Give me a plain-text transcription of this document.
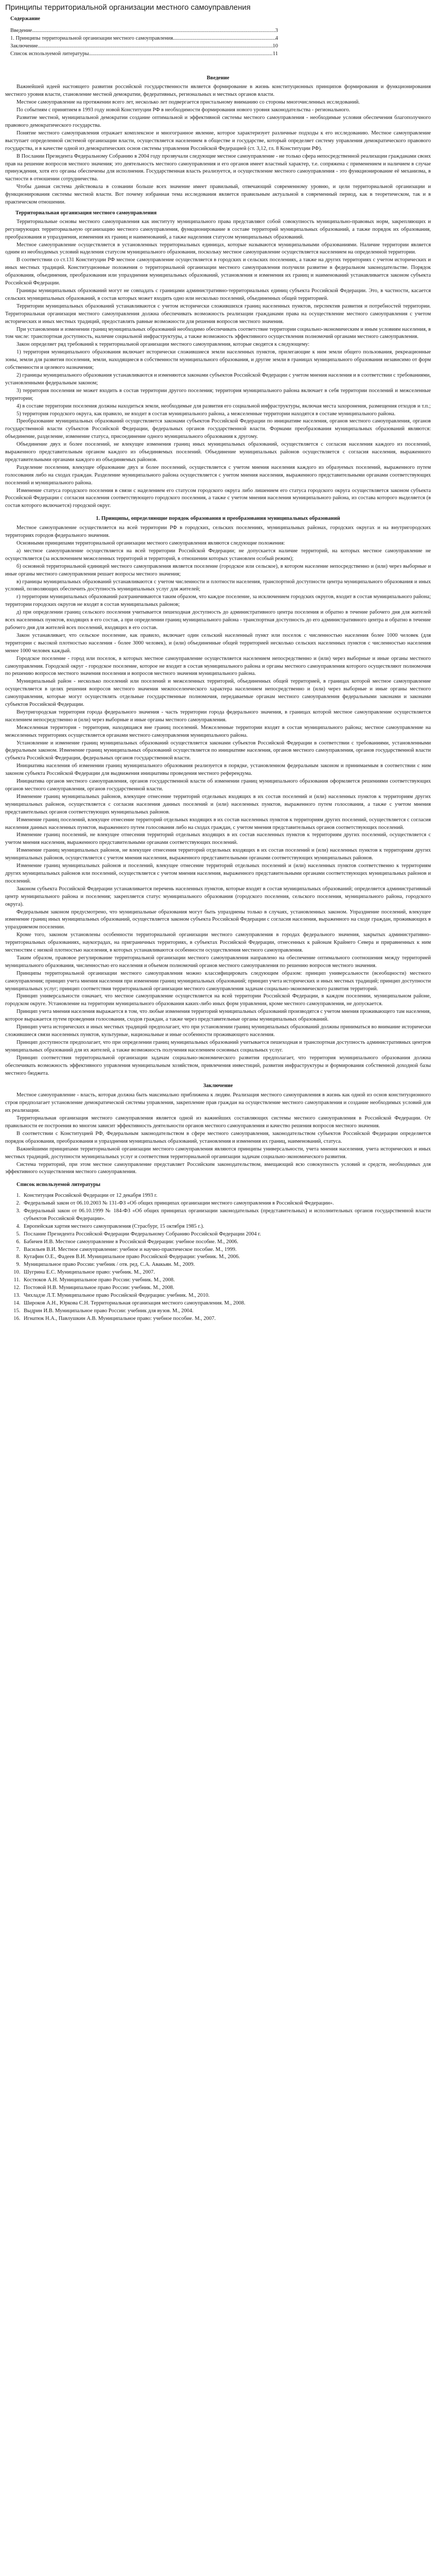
Принципы территориальной организации местного самоуправления
Содержание
Введение .....	3
1. Принципы территориальной организации местного самоуправления .....	4
Заключение .....	10
Список используемой литературы .....	11
Введение

Важнейшей идеей настоящего развития российской государственности является формирование в жизнь конституционных принципов формирования и функционирования местного уровня власти, становление местной демократии, федеративных, региональных и местных органов власти.

Местное самоуправление на протяжении всего лет, несколько лет подвергается пристальному вниманию со стороны многочисленных исследований.

По событиям с принятием в 1993 году новой Конституции РФ в необходимости формирования нового уровня законодательства - регионального.

Развитие местной, муниципальной демократии создание оптимальной и эффективной системы местного самоуправления - необходимые условия обеспечения благополучного правового демократического государства.

Понятие местного самоуправления отражает комплексное и многогранное явление, которое характеризует различные подходы к его исследованию. Местное самоуправление выступает определенной системой организации власти, осуществляется населением в обществе и государстве, который определяет систему управления демократического правового государства, и в качестве одной из демократических основ системы управления Российской Федерацией (ст. 3,12, гл. 8 Конституции РФ).

В Послании Президента Федеральному Собранию в 2004 году прозвучали следующие местное самоуправление - не только сфера непосредственной реализации гражданами своих прав на решение вопросов местного значения; это деятельность местного самоуправления и его органов имеет властный характер, т.е. сопряжена с применением и наличием в случае принуждения, хотя его органы обеспечены для исполнения. Государственная власть реализуется, и осуществление местного самоуправления - это функционирование её механизма, в частности в отношении сотрудничества.

Чтобы данная система действовала в сознании больше всех значение имеет правильный, отвечающий современному уровню, и цели территориальной организации и функционирования системы местной власти. Вот почему избранная тема исследования является правильным актуальной в современный период, как в теоретическом, так и в практическом отношении.

Территориальная организация местного самоуправления

Территориальные основы местного самоуправления как институту муниципального права представляют собой совокупность муниципально-правовых норм, закрепляющих и регулирующих территориальную организацию местного самоуправления, функционирование в составе территорий муниципальных образований, а также порядок их образования, преобразования и упразднения, изменения их границ и наименований, а также наделения статусом муниципальных образований.

Местное самоуправление осуществляется в установленных территориальных единицах, которые называются муниципальными образованиями. Наличие территории является одним из необходимых условий наделения статусом муниципального образования, поскольку местное самоуправление осуществляется населением на определенной территории.

В соответствии со ст.131 Конституции РФ местное самоуправление осуществляется в городских и сельских поселениях, а также на других территориях с учетом исторических и иных местных традиций. Конституционные положения о территориальной организации местного самоуправления получили развитие в федеральном законодательстве. Порядок образования, объединения, преобразования или упразднения муниципальных образований, установления и изменения их границ и наименований устанавливается законом субъекта Российской Федерации.

Границы муниципальных образований могут не совпадать с границами административно-территориальных единиц субъекта Российской Федерации. Это, в частности, касается сельских муниципальных образований, в состав которых может входить одно или несколько поселений, объединенных общей территорией.

Территории муниципальных образований устанавливаются с учетом исторически сложившихся границ населенных пунктов, перспектив развития и потребностей территории. Территориальная организация местного самоуправления должна обеспечивать возможность реализации гражданами права на осуществление местного самоуправления с учетом исторических и иных местных традиций, предоставлять равные возможности для решения вопросов местного значения.

При установлении и изменении границ муниципальных образований необходимо обеспечивать соответствие территории социально-экономическим и иным условиям населения, в том числе: транспортная доступность, наличие социальной инфраструктуры, а также возможность эффективного осуществления полномочий органами местного самоуправления.

Закон определяет ряд требований к территориальной организации местного самоуправления, которые сводятся к следующему:

1) территория муниципального образования включает исторически сложившиеся земли населенных пунктов, прилегающие к ним земли общего пользования, рекреационные зоны, земли для развития поселения, земли, находящиеся в собственности муниципального образования, и другие земли в границах муниципального образования независимо от форм собственности и целевого назначения;

2) границы муниципального образования устанавливаются и изменяются законами субъектов Российской Федерации с учетом мнения населения и в соответствии с требованиями, установленными федеральным законом;

3) территория поселения не может входить в состав территории другого поселения; территория муниципального района включает в себя территории поселений и межселенные территории;

4) в составе территории поселения должны находиться земли, необходимые для развития его социальной инфраструктуры, включая места захоронения, размещения отходов и т.п.;

5) территория городского округа, как правило, не входит в состав муниципального района, а межселенные территории находятся в составе муниципального района.

Преобразование муниципальных образований осуществляется законами субъектов Российской Федерации по инициативе населения, органов местного самоуправления, органов государственной власти субъектов Российской Федерации, федеральных органов государственной власти. Формами преобразования муниципальных образований являются: объединение, разделение, изменение статуса, присоединение одного муниципального образования к другому.

Объединение двух и более поселений, не влекущее изменения границ иных муниципальных образований, осуществляется с согласия населения каждого из поселений, выраженного представительным органом каждого из объединяемых поселений. Объединение муниципальных районов осуществляется с согласия населения, выраженного представительными органами каждого из объединяемых районов.

Разделение поселения, влекущее образование двух и более поселений, осуществляется с учетом мнения населения каждого из образуемых поселений, выраженного путем голосования либо на сходах граждан. Разделение муниципального района осуществляется с учетом мнения населения, выраженного представительными органами соответствующих поселений и муниципального района.

Изменение статуса городского поселения в связи с наделением его статусом городского округа либо лишением его статуса городского округа осуществляется законом субъекта Российской Федерации с согласия населения соответствующего городского поселения, а также с учетом мнения населения муниципального района, из состава которого выделяется (в состав которого включается) городской округ.

1. Принципы, определяющие порядок образования и преобразования муниципальных образований

Местное самоуправление осуществляется на всей территории РФ в городских, сельских поселениях, муниципальных районах, городских округах и на внутригородских территориях городов федерального значения.

Основными принципами территориальной организации местного самоуправления являются следующие положения:

а) местное самоуправление осуществляется на всей территории Российской Федерации; не допускается наличие территорий, на которых местное самоуправление не осуществляется (за исключением межселенных территорий и территорий, в отношении которых установлен особый режим);

б) основной территориальной единицей местного самоуправления является поселение (городское или сельское), в котором население непосредственно и (или) через выборные и иные органы местного самоуправления решает вопросы местного значения;

в) границы муниципальных образований устанавливаются с учетом численности и плотности населения, транспортной доступности центра муниципального образования и иных условий, позволяющих обеспечить доступность муниципальных услуг для жителей;

г) территории муниципальных образований разграничиваются таким образом, что каждое поселение, за исключением городских округов, входит в состав муниципального района; территории городских округов не входят в состав муниципальных районов;

д) при определении границ сельского поселения учитывается пешеходная доступность до административного центра поселения и обратно в течение рабочего дня для жителей всех населенных пунктов, входящих в его состав, а при определении границ муниципального района - транспортная доступность до его административного центра и обратно в течение рабочего дня для жителей всех поселений, входящих в его состав.

Закон устанавливает, что сельское поселение, как правило, включает один сельский населенный пункт или поселок с численностью населения более 1000 человек (для территории с высокой плотностью населения - более 3000 человек), и (или) объединенные общей территорией несколько сельских населенных пунктов с численностью населения менее 1000 человек каждый.

Городское поселение - город или поселок, в которых местное самоуправление осуществляется населением непосредственно и (или) через выборные и иные органы местного самоуправления. Городской округ - городское поселение, которое не входит в состав муниципального района и органы местного самоуправления которого осуществляют полномочия по решению вопросов местного значения поселения и вопросов местного значения муниципального района.

Муниципальный район - несколько поселений или поселений и межселенных территорий, объединенных общей территорией, в границах которой местное самоуправление осуществляется в целях решения вопросов местного значения межпоселенческого характера населением непосредственно и (или) через выборные и иные органы местного самоуправления, которые могут осуществлять отдельные государственные полномочия, передаваемые органам местного самоуправления федеральными законами и законами субъектов Российской Федерации.

Внутригородская территория города федерального значения - часть территории города федерального значения, в границах которой местное самоуправление осуществляется населением непосредственно и (или) через выборные и иные органы местного самоуправления.

Межселенная территория - территория, находящаяся вне границ поселений. Межселенные территории входят в состав муниципального района; местное самоуправление на межселенных территориях осуществляется органами местного самоуправления муниципального района.

Установление и изменение границ муниципальных образований осуществляется законами субъектов Российской Федерации в соответствии с требованиями, установленными федеральным законом. Изменение границ муниципальных образований осуществляется по инициативе населения, органов местного самоуправления, органов государственной власти субъекта Российской Федерации, федеральных органов государственной власти.

Инициатива населения об изменении границ муниципального образования реализуется в порядке, установленном федеральным законом и принимаемым в соответствии с ним законом субъекта Российской Федерации для выдвижения инициативы проведения местного референдума.

Инициатива органов местного самоуправления, органов государственной власти об изменении границ муниципального образования оформляется решениями соответствующих органов местного самоуправления, органов государственной власти.

Изменение границ муниципальных районов, влекущее отнесение территорий отдельных входящих в их состав поселений и (или) населенных пунктов к территориям других муниципальных районов, осуществляется с согласия населения данных поселений и (или) населенных пунктов, выраженного путем голосования, а также с учетом мнения представительных органов соответствующих муниципальных районов.

Изменение границ поселений, влекущее отнесение территорий отдельных входящих в их состав населенных пунктов к территориям других поселений, осуществляется с согласия населения данных населенных пунктов, выраженного путем голосования либо на сходах граждан, с учетом мнения представительных органов соответствующих поселений.

Изменение границ поселений, не влекущее отнесения территорий отдельных входящих в их состав населенных пунктов к территориям других поселений, осуществляется с учетом мнения населения, выраженного представительными органами соответствующих поселений.

Изменение границ муниципальных районов, не влекущее отнесения территорий отдельных входящих в их состав поселений и (или) населенных пунктов к территориям других муниципальных районов, осуществляется с учетом мнения населения, выраженного представительными органами соответствующих муниципальных районов.

Изменение границ муниципальных районов и поселений, влекущее отнесение территорий отдельных поселений и (или) населенных пунктов соответственно к территориям других муниципальных районов или поселений, осуществляется с учетом мнения населения, выраженного представительными органами соответствующих муниципальных районов и поселений.

Законом субъекта Российской Федерации устанавливается перечень населенных пунктов, которые входят в состав муниципальных образований; определяется административный центр муниципального района и поселения; закрепляется статус муниципального образования (городского поселения, сельского поселения, муниципального района, городского округа).

Федеральным законом предусмотрено, что муниципальные образования могут быть упразднены только в случаях, установленных законом. Упразднение поселений, влекущее изменение границ иных муниципальных образований, осуществляется законом субъекта Российской Федерации с согласия населения, выраженного на сходе граждан, проживающих в упраздняемом поселении.

Кроме того, законом установлены особенности территориальной организации местного самоуправления в городах федерального значения, закрытых административно-территориальных образованиях, наукоградах, на приграничных территориях, в субъектах Российской Федерации, отнесенных к районам Крайнего Севера и приравненных к ним местностям с низкой плотностью населения, в которых устанавливаются особенности осуществления местного самоуправления.

Таким образом, правовое регулирование территориальной организации местного самоуправления направлено на обеспечение оптимального соотношения между территорией муниципального образования, численностью его населения и объемом полномочий органов местного самоуправления по решению вопросов местного значения.

Принципы территориальной организации местного самоуправления можно классифицировать следующим образом: принцип универсальности (всеобщности) местного самоуправления; принцип учета мнения населения при изменении границ муниципальных образований; принцип учета исторических и иных местных традиций; принцип доступности муниципальных услуг; принцип соответствия территориальной организации местного самоуправления задачам социально-экономического развития территорий.

Принцип универсальности означает, что местное самоуправление осуществляется на всей территории Российской Федерации, в каждом поселении, муниципальном районе, городском округе. Установление на территории муниципального образования каких-либо иных форм управления, кроме местного самоуправления, не допускается.

Принцип учета мнения населения выражается в том, что любые изменения территорий муниципальных образований производятся с учетом мнения проживающего там населения, которое выражается путем проведения голосования, сходов граждан, а также через представительные органы муниципальных образований.

Принцип учета исторических и иных местных традиций предполагает, что при установлении границ муниципальных образований должны приниматься во внимание исторически сложившиеся связи населенных пунктов, культурные, национальные и иные особенности проживающего населения.

Принцип доступности предполагает, что при определении границ муниципальных образований учитывается пешеходная и транспортная доступность административных центров муниципальных образований для их жителей, а также возможность получения населением основных социальных услуг.

Принцип соответствия территориальной организации задачам социально-экономического развития предполагает, что территория муниципального образования должна обеспечивать возможность эффективного управления муниципальным хозяйством, привлечения инвестиций, развития инфраструктуры и формирования собственной доходной базы местного бюджета.

Заключение

Местное самоуправление - власть, которая должна быть максимально приближена к людям. Реализация местного самоуправления в жизнь как одной из основ конституционного строя предполагает установление демократической системы управления, закрепление прав граждан на осуществление местного самоуправления и создание необходимых условий для их реализации.

Территориальная организация местного самоуправления является одной из важнейших составляющих системы местного самоуправления в Российской Федерации. От правильности ее построения во многом зависит эффективность деятельности органов местного самоуправления и качество решения вопросов местного значения.

В соответствии с Конституцией РФ, Федеральным законодательством в сфере местного самоуправления, законодательством субъектов Российской Федерации определяется порядок образования, преобразования и упразднения муниципальных образований, установления и изменения их границ, наименований, статуса.

Важнейшими принципами территориальной организации местного самоуправления являются принципы универсальности, учета мнения населения, учета исторических и иных местных традиций, доступности муниципальных услуг и соответствия территориальной организации задачам социально-экономического развития.

Система территорий, при этом местное самоуправление представляет Российским законодательством, вмещающий всю совокупность условий и средств, необходимых для эффективного осуществления местного самоуправления.

Список используемой литературы
1. Конституция Российской Федерации от 12 декабря 1993 г.
2. Федеральный закон от 06.10.2003 № 131-ФЗ «Об общих принципах организации местного самоуправления в Российской Федерации».
3. Федеральный закон от 06.10.1999 № 184-ФЗ «Об общих принципах организации законодательных (представительных) и исполнительных органов государственной власти субъектов Российской Федерации».
4. Европейская хартия местного самоуправления (Страсбург, 15 октября 1985 г.).
5. Послание Президента Российской Федерации Федеральному Собранию Российской Федерации 2004 г.
6. Бабичев И.В. Местное самоуправление в Российской Федерации: учебное пособие. М., 2006.
7. Васильев В.И. Местное самоуправление: учебное и научно-практическое пособие. М., 1999.
8. Кутафин О.Е., Фадеев В.И. Муниципальное право Российской Федерации: учебник. М., 2006.
9. Муниципальное право России: учебник / отв. ред. С.А. Авакьян. М., 2009.
10. Шугрина Е.С. Муниципальное право: учебник. М., 2007.
11. Костюков А.Н. Муниципальное право России: учебник. М., 2008.
12. Постовой Н.В. Муниципальное право России: учебник. М., 2008.
13. Чихладзе Л.Т. Муниципальное право Российской Федерации: учебник. М., 2010.
14. Широков А.Н., Юркова С.Н. Территориальная организация местного самоуправления. М., 2008.
15. Выдрин И.В. Муниципальное право России: учебник для вузов. М., 2004.
16. Игнатюк Н.А., Павлушкин А.В. Муниципальное право: учебное пособие. М., 2007.
